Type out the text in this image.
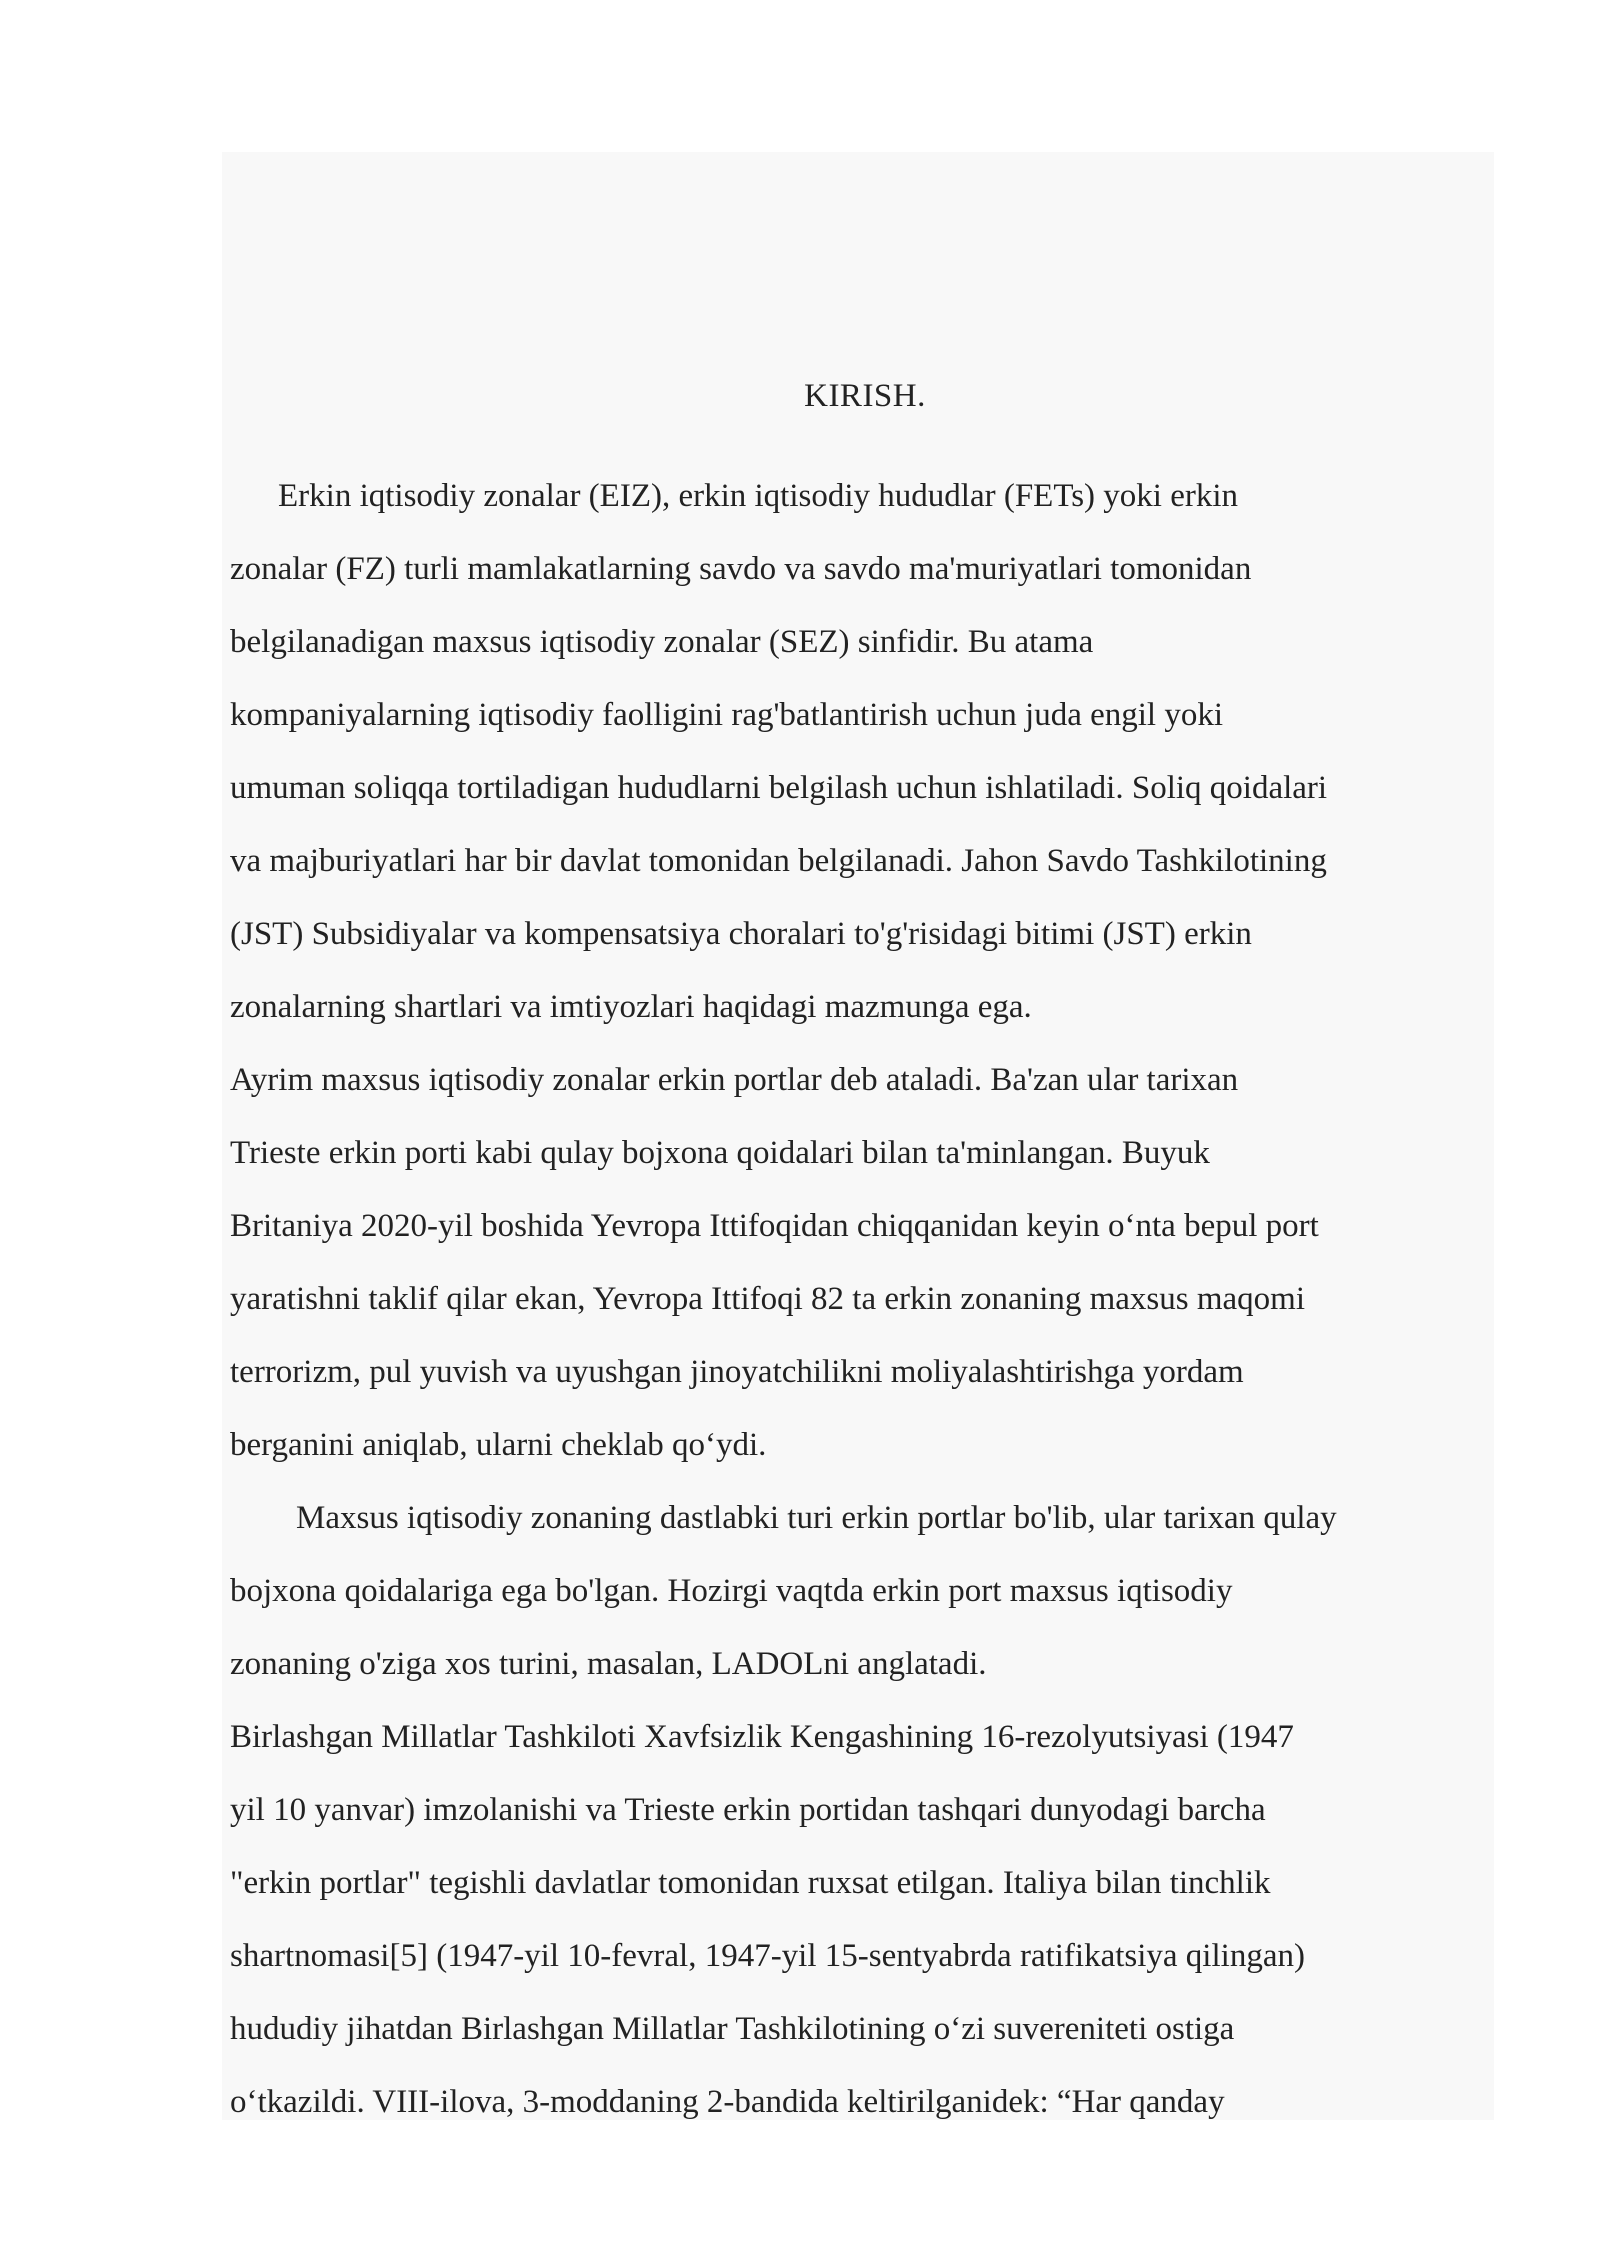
KIRISH.

Erkin iqtisodiy zonalar (EIZ), erkin iqtisodiy hududlar (FETs) yoki erkin
zonalar (FZ) turli mamlakatlarning savdo va savdo ma'muriyatlari tomonidan
belgilanadigan maxsus iqtisodiy zonalar (SEZ) sinfidir. Bu atama
kompaniyalarning iqtisodiy faolligini rag'batlantirish uchun juda engil yoki
umuman soliqqa tortiladigan hududlarni belgilash uchun ishlatiladi. Soliq qoidalari
va majburiyatlari har bir davlat tomonidan belgilanadi. Jahon Savdo Tashkilotining
(JST) Subsidiyalar va kompensatsiya choralari to'g'risidagi bitimi (JST) erkin
zonalarning shartlari va imtiyozlari haqidagi mazmunga ega.

Ayrim maxsus iqtisodiy zonalar erkin portlar deb ataladi. Ba'zan ular tarixan
Trieste erkin porti kabi qulay bojxona qoidalari bilan ta'minlangan. Buyuk
Britaniya 2020-yil boshida Yevropa Ittifoqidan chiqqanidan keyin o‘nta bepul port
yaratishni taklif qilar ekan, Yevropa Ittifoqi 82 ta erkin zonaning maxsus maqomi
terrorizm, pul yuvish va uyushgan jinoyatchilikni moliyalashtirishga yordam
berganini aniqlab, ularni cheklab qo‘ydi.

Maxsus iqtisodiy zonaning dastlabki turi erkin portlar bo'lib, ular tarixan qulay
bojxona qoidalariga ega bo'lgan. Hozirgi vaqtda erkin port maxsus iqtisodiy
zonaning o'ziga xos turini, masalan, LADOLni anglatadi.

Birlashgan Millatlar Tashkiloti Xavfsizlik Kengashining 16-rezolyutsiyasi (1947
yil 10 yanvar) imzolanishi va Trieste erkin portidan tashqari dunyodagi barcha
"erkin portlar" tegishli davlatlar tomonidan ruxsat etilgan. Italiya bilan tinchlik
shartnomasi[5] (1947-yil 10-fevral, 1947-yil 15-sentyabrda ratifikatsiya qilingan)
hududiy jihatdan Birlashgan Millatlar Tashkilotining o‘zi suvereniteti ostiga
o‘tkazildi. VIII-ilova, 3-moddaning 2-bandida keltirilganidek: “Har qanday
